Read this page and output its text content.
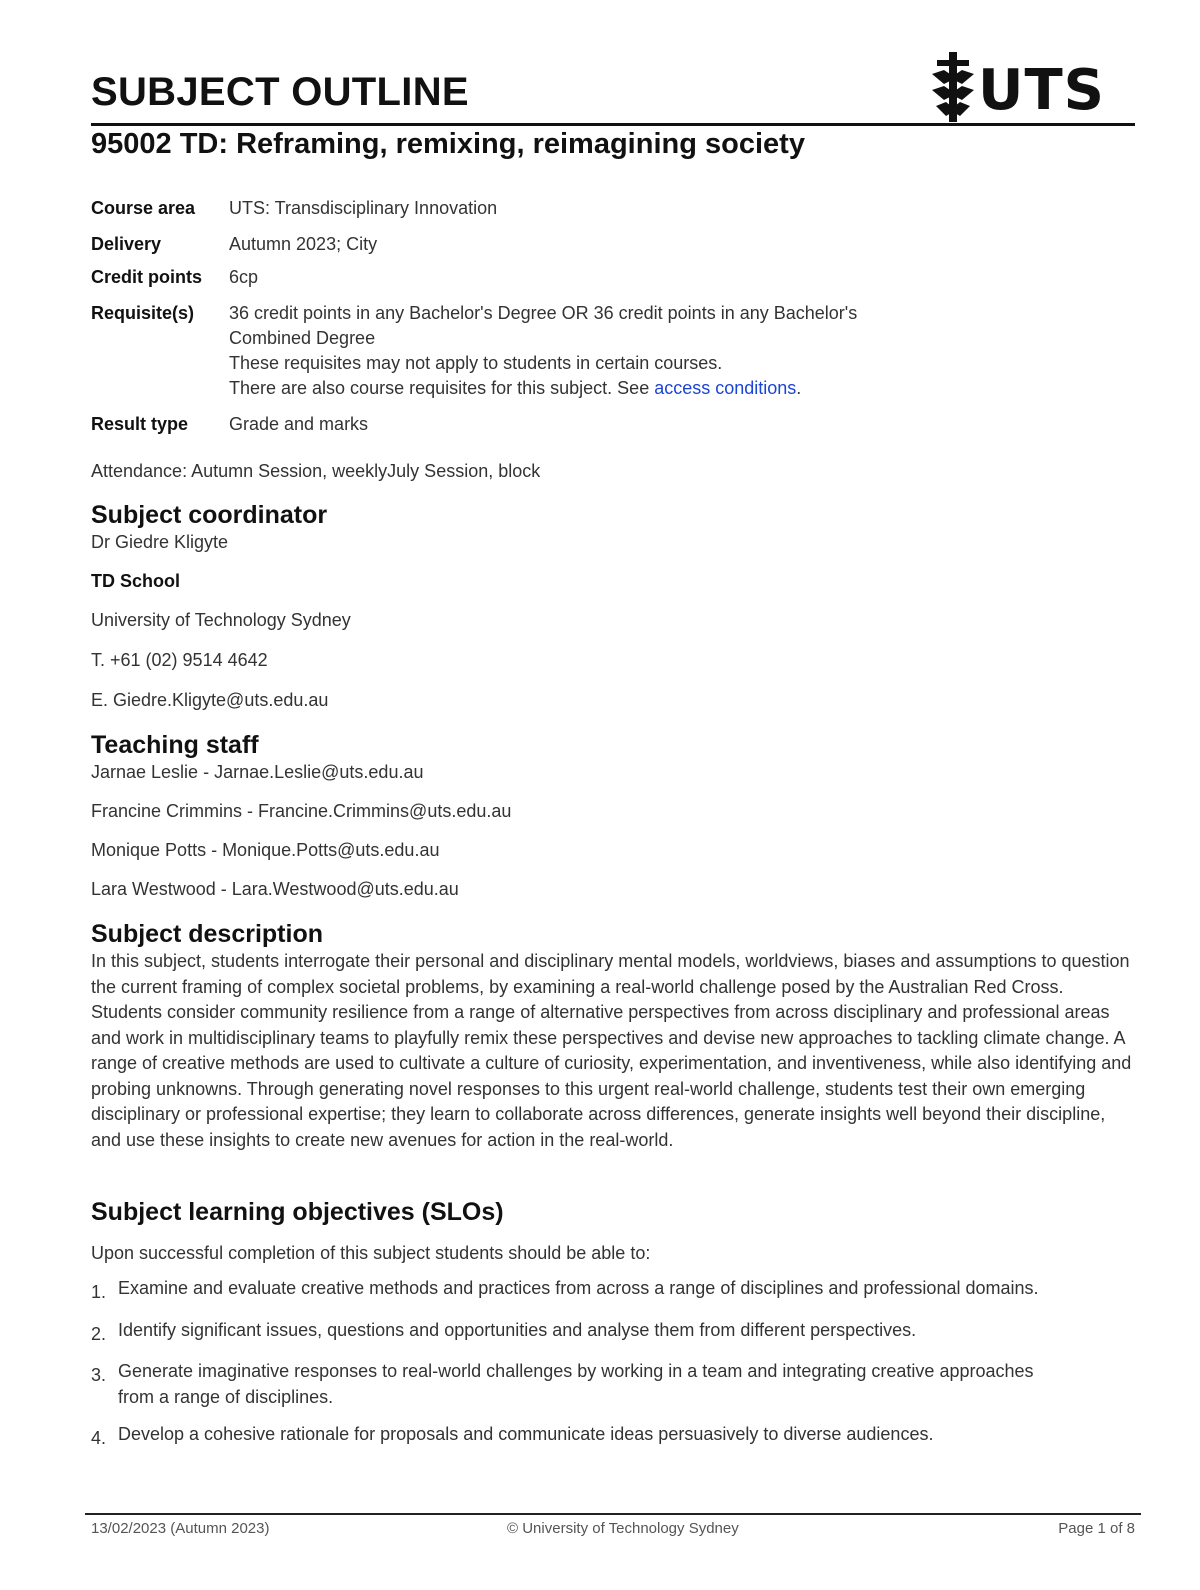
SUBJECT OUTLINE	UTS
95002 TD: Reframing, remixing, reimagining society
Course area	UTS: Transdisciplinary Innovation
Delivery	Autumn 2023; City
Credit points	6cp
Requisite(s)	36 credit points in any Bachelor's Degree OR 36 credit points in any Bachelor's
Combined Degree
These requisites may not apply to students in certain courses.
There are also course requisites for this subject. See access conditions.
Result type	Grade and marks
Attendance: Autumn Session, weeklyJuly Session, block
Subject coordinator
Dr Giedre Kligyte
TD School
University of Technology Sydney
T. +61 (02) 9514 4642
E. Giedre.Kligyte@uts.edu.au
Teaching staff
Jarnae Leslie - Jarnae.Leslie@uts.edu.au
Francine Crimmins - Francine.Crimmins@uts.edu.au
Monique Potts - Monique.Potts@uts.edu.au
Lara Westwood - Lara.Westwood@uts.edu.au
Subject description
In this subject, students interrogate their personal and disciplinary mental models, worldviews, biases and assumptions to question the current framing of complex societal problems, by examining a real-world challenge posed by the Australian Red Cross. Students consider community resilience from a range of alternative perspectives from across disciplinary and professional areas and work in multidisciplinary teams to playfully remix these perspectives and devise new approaches to tackling climate change. A range of creative methods are used to cultivate a culture of curiosity, experimentation, and inventiveness, while also identifying and probing unknowns. Through generating novel responses to this urgent real-world challenge, students test their own emerging disciplinary or professional expertise; they learn to collaborate across differences, generate insights well beyond their discipline, and use these insights to create new avenues for action in the real-world.
Subject learning objectives (SLOs)
Upon successful completion of this subject students should be able to:
1. Examine and evaluate creative methods and practices from across a range of disciplines and professional domains.
2. Identify significant issues, questions and opportunities and analyse them from different perspectives.
3. Generate imaginative responses to real-world challenges by working in a team and integrating creative approaches from a range of disciplines.
4. Develop a cohesive rationale for proposals and communicate ideas persuasively to diverse audiences.
13/02/2023 (Autumn 2023)	© University of Technology Sydney	Page 1 of 8
